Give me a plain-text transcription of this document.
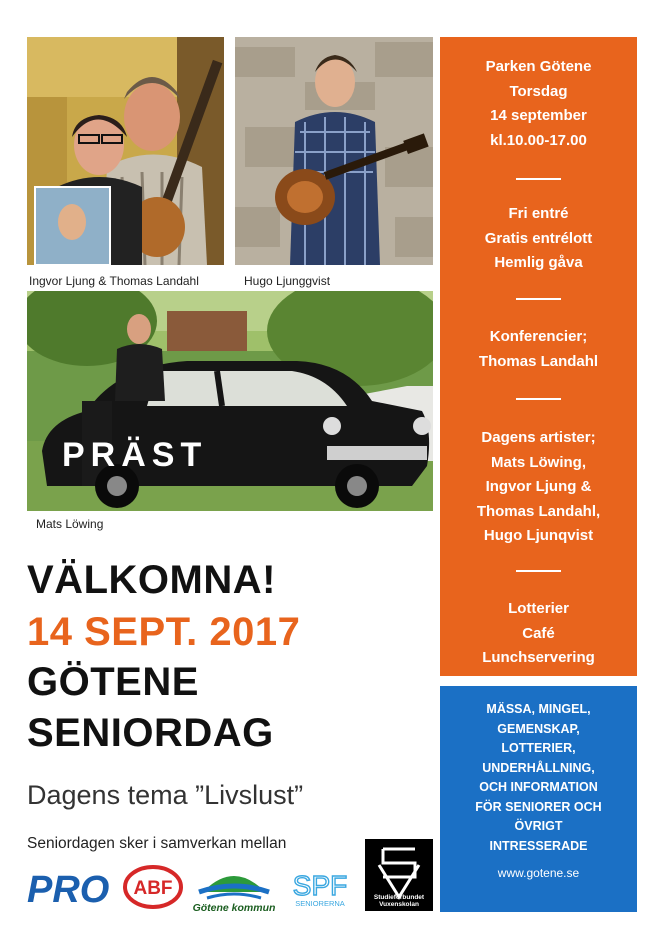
Ingvor Ljung & Thomas Landahl	Hugo Ljunggvist
PRÄST
Mats Löwing
VÄLKOMNA!
14 SEPT. 2017
GÖTENE
SENIORDAG
Dagens tema ”Livslust”
Seniordagen sker i samverkan mellan
PRO ABF
Götene kommun
SPF
SENIORERNA
Studieförbundet Vuxenskolan
Parken Götene
Torsdag
14 september
kl.10.00-17.00
Fri entré
Gratis entrélott
Hemlig gåva
Konferencier;
Thomas Landahl
Dagens artister;
Mats Löwing,
Ingvor Ljung &
Thomas Landahl,
Hugo Ljunqvist
Lotterier
Café
Lunchservering
MÄSSA, MINGEL,
GEMENSKAP,
LOTTERIER,
UNDERHÅLLNING,
OCH INFORMATION
FÖR SENIORER OCH
ÖVRIGT
INTRESSERADE
www.gotene.se
